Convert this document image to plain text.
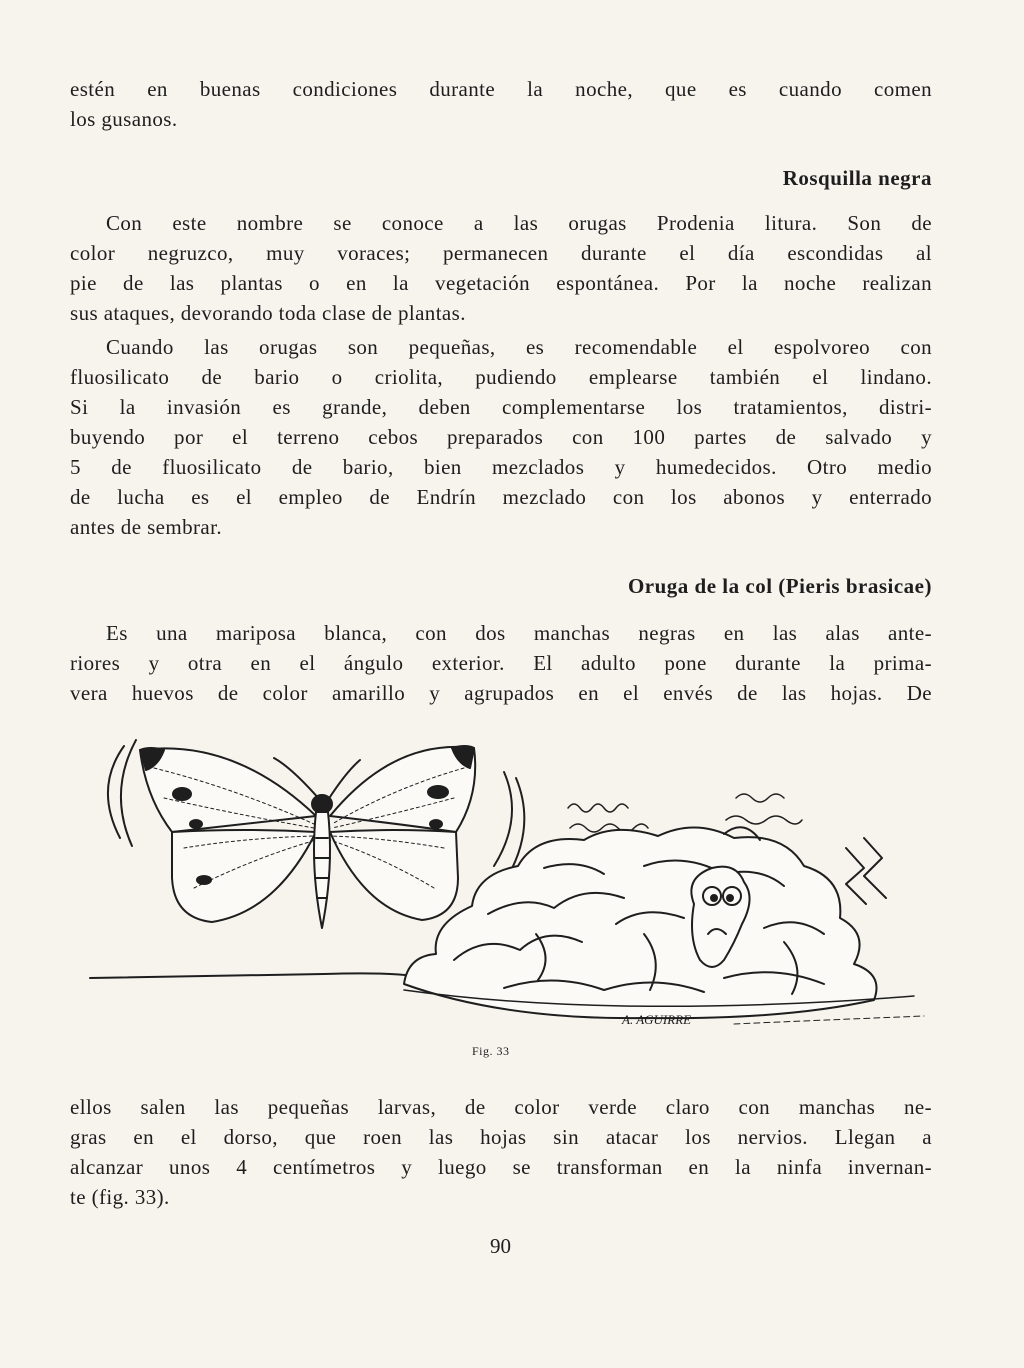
estén en buenas condiciones durante la noche, que es cuando comen

los gusanos.

Rosquilla negra

Con este nombre se conoce a las orugas Prodenia litura. Son de

color negruzco, muy voraces; permanecen durante el día escondidas al

pie de las plantas o en la vegetación espontánea. Por la noche realizan

sus ataques, devorando toda clase de plantas.

Cuando las orugas son pequeñas, es recomendable el espolvoreo con

fluosilicato de bario o criolita, pudiendo emplearse también el lindano.

Si la invasión es grande, deben complementarse los tratamientos, distri-

buyendo por el terreno cebos preparados con 100 partes de salvado y

5 de fluosilicato de bario, bien mezclados y humedecidos. Otro medio

de lucha es el empleo de Endrín mezclado con los abonos y enterrado

antes de sembrar.

Oruga de la col (Pieris brasicae)

Es una mariposa blanca, con dos manchas negras en las alas ante-

riores y otra en el ángulo exterior. El adulto pone durante la prima-

vera huevos de color amarillo y agrupados en el envés de las hojas. De

A. AGUIRRE
Fig. 33

ellos salen las pequeñas larvas, de color verde claro con manchas ne-

gras en el dorso, que roen las hojas sin atacar los nervios. Llegan a

alcanzar unos 4 centímetros y luego se transforman en la ninfa invernan-

te (fig. 33).

90
